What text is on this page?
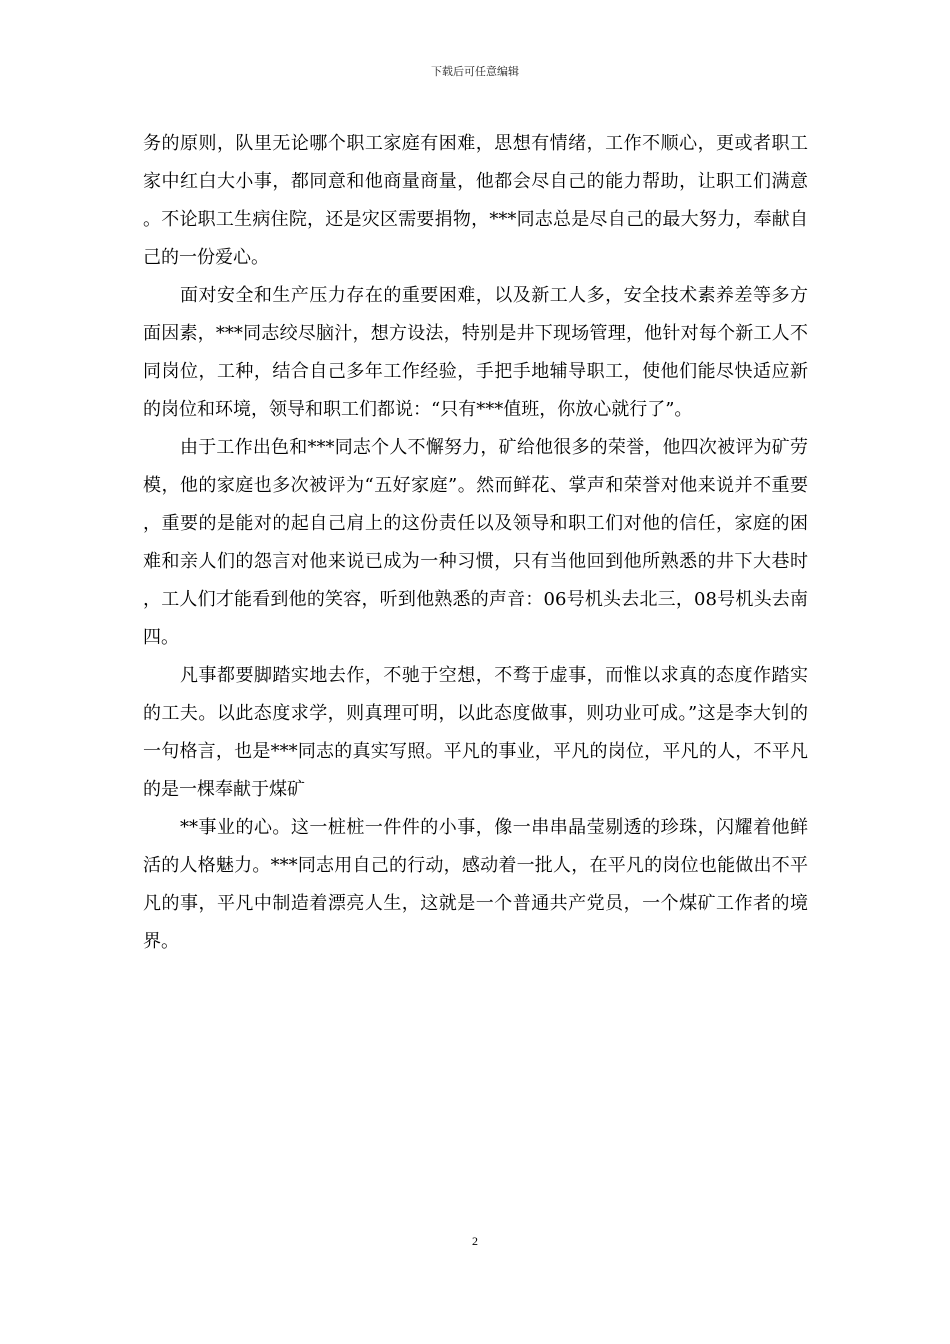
下载后可任意编辑

务的原则，队里无论哪个职工家庭有困难，思想有情绪，工作不顺心，更或者职工家中红白大小事，都同意和他商量商量，他都会尽自己的能力帮助，让职工们满意。不论职工生病住院，还是灾区需要捐物，***同志总是尽自己的最大努力，奉献自己的一份爱心。

面对安全和生产压力存在的重要困难，以及新工人多，安全技术素养差等多方面因素，***同志绞尽脑汁，想方设法，特别是井下现场管理，他针对每个新工人不同岗位，工种，结合自己多年工作经验，手把手地辅导职工，使他们能尽快适应新的岗位和环境，领导和职工们都说：“只有***值班，你放心就行了”。

由于工作出色和***同志个人不懈努力，矿给他很多的荣誉，他四次被评为矿劳模，他的家庭也多次被评为“五好家庭”。然而鲜花、掌声和荣誉对他来说并不重要，重要的是能对的起自己肩上的这份责任以及领导和职工们对他的信任，家庭的困难和亲人们的怨言对他来说已成为一种习惯，只有当他回到他所熟悉的井下大巷时，工人们才能看到他的笑容，听到他熟悉的声音：06号机头去北三，08号机头去南四。

凡事都要脚踏实地去作，不驰于空想，不骛于虚事，而惟以求真的态度作踏实的工夫。以此态度求学，则真理可明，以此态度做事，则功业可成。”这是李大钊的一句格言，也是***同志的真实写照。平凡的事业，平凡的岗位，平凡的人，不平凡的是一棵奉献于煤矿

**事业的心。这一桩桩一件件的小事，像一串串晶莹剔透的珍珠，闪耀着他鲜活的人格魅力。***同志用自己的行动，感动着一批人，在平凡的岗位也能做出不平凡的事，平凡中制造着漂亮人生，这就是一个普通共产党员，一个煤矿工作者的境界。

2
